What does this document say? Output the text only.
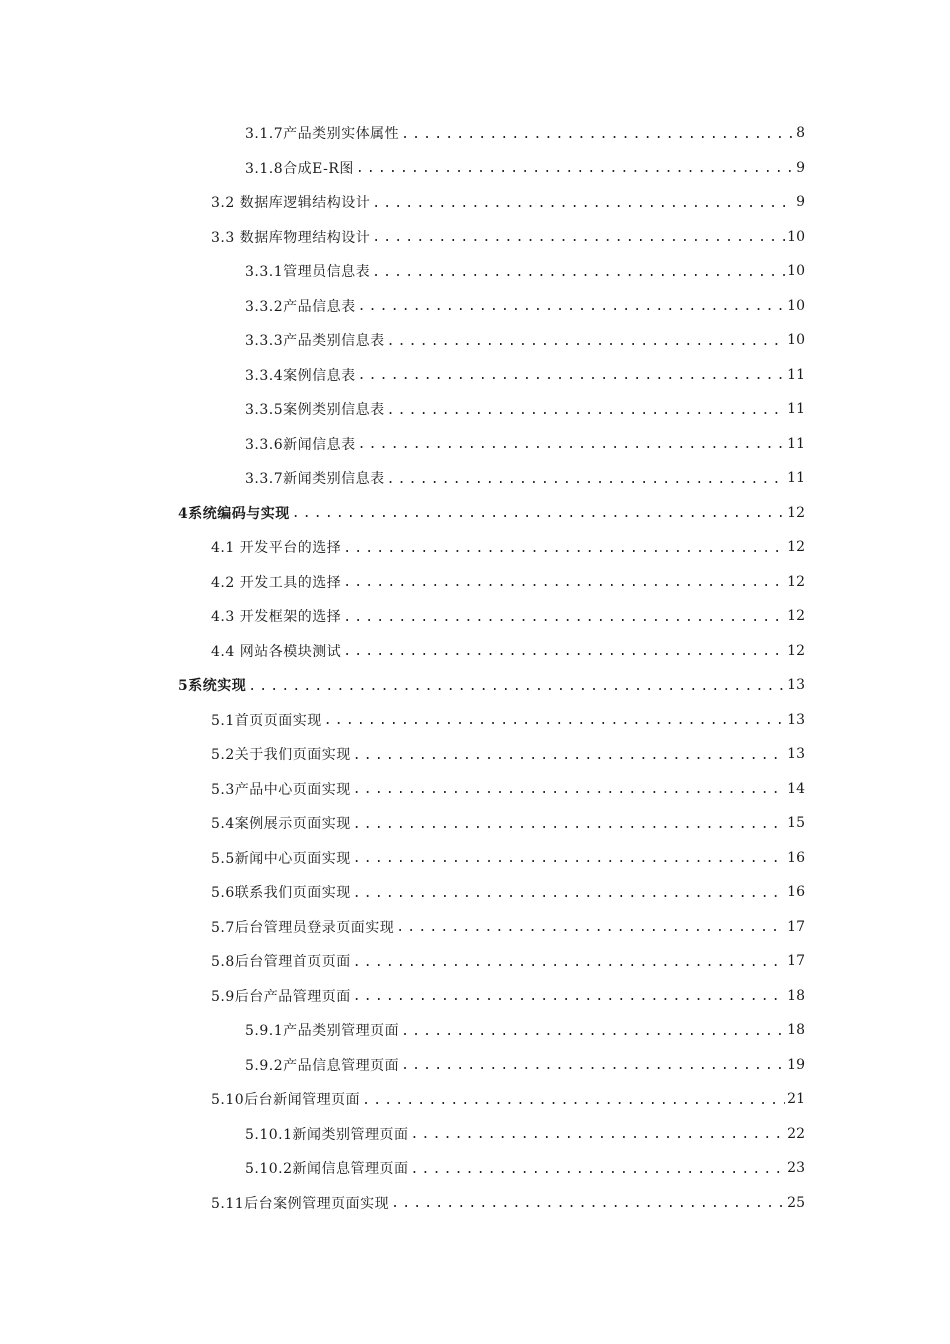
3.1.7产品类别实体属性 .....	8
3.1.8合成E-R图 .....	9
3.2 数据库逻辑结构设计 .....	9
3.3 数据库物理结构设计 .....	10
3.3.1管理员信息表 .....	10
3.3.2产品信息表 .....	10
3.3.3产品类别信息表 .....	10
3.3.4案例信息表 .....	11
3.3.5案例类别信息表 .....	11
3.3.6新闻信息表 .....	11
3.3.7新闻类别信息表 .....	11
4系统编码与实现 .....	12
4.1 开发平台的选择 .....	12
4.2 开发工具的选择 .....	12
4.3 开发框架的选择 .....	12
4.4 网站各模块测试 .....	12
5系统实现 .....	13
5.1首页页面实现 .....	13
5.2关于我们页面实现 .....	13
5.3产品中心页面实现 .....	14
5.4案例展示页面实现 .....	15
5.5新闻中心页面实现 .....	16
5.6联系我们页面实现 .....	16
5.7后台管理员登录页面实现 .....	17
5.8后台管理首页页面 .....	17
5.9后台产品管理页面 .....	18
5.9.1产品类别管理页面 .....	18
5.9.2产品信息管理页面 .....	19
5.10后台新闻管理页面 .....	21
5.10.1新闻类别管理页面 .....	22
5.10.2新闻信息管理页面 .....	23
5.11后台案例管理页面实现 .....	25
